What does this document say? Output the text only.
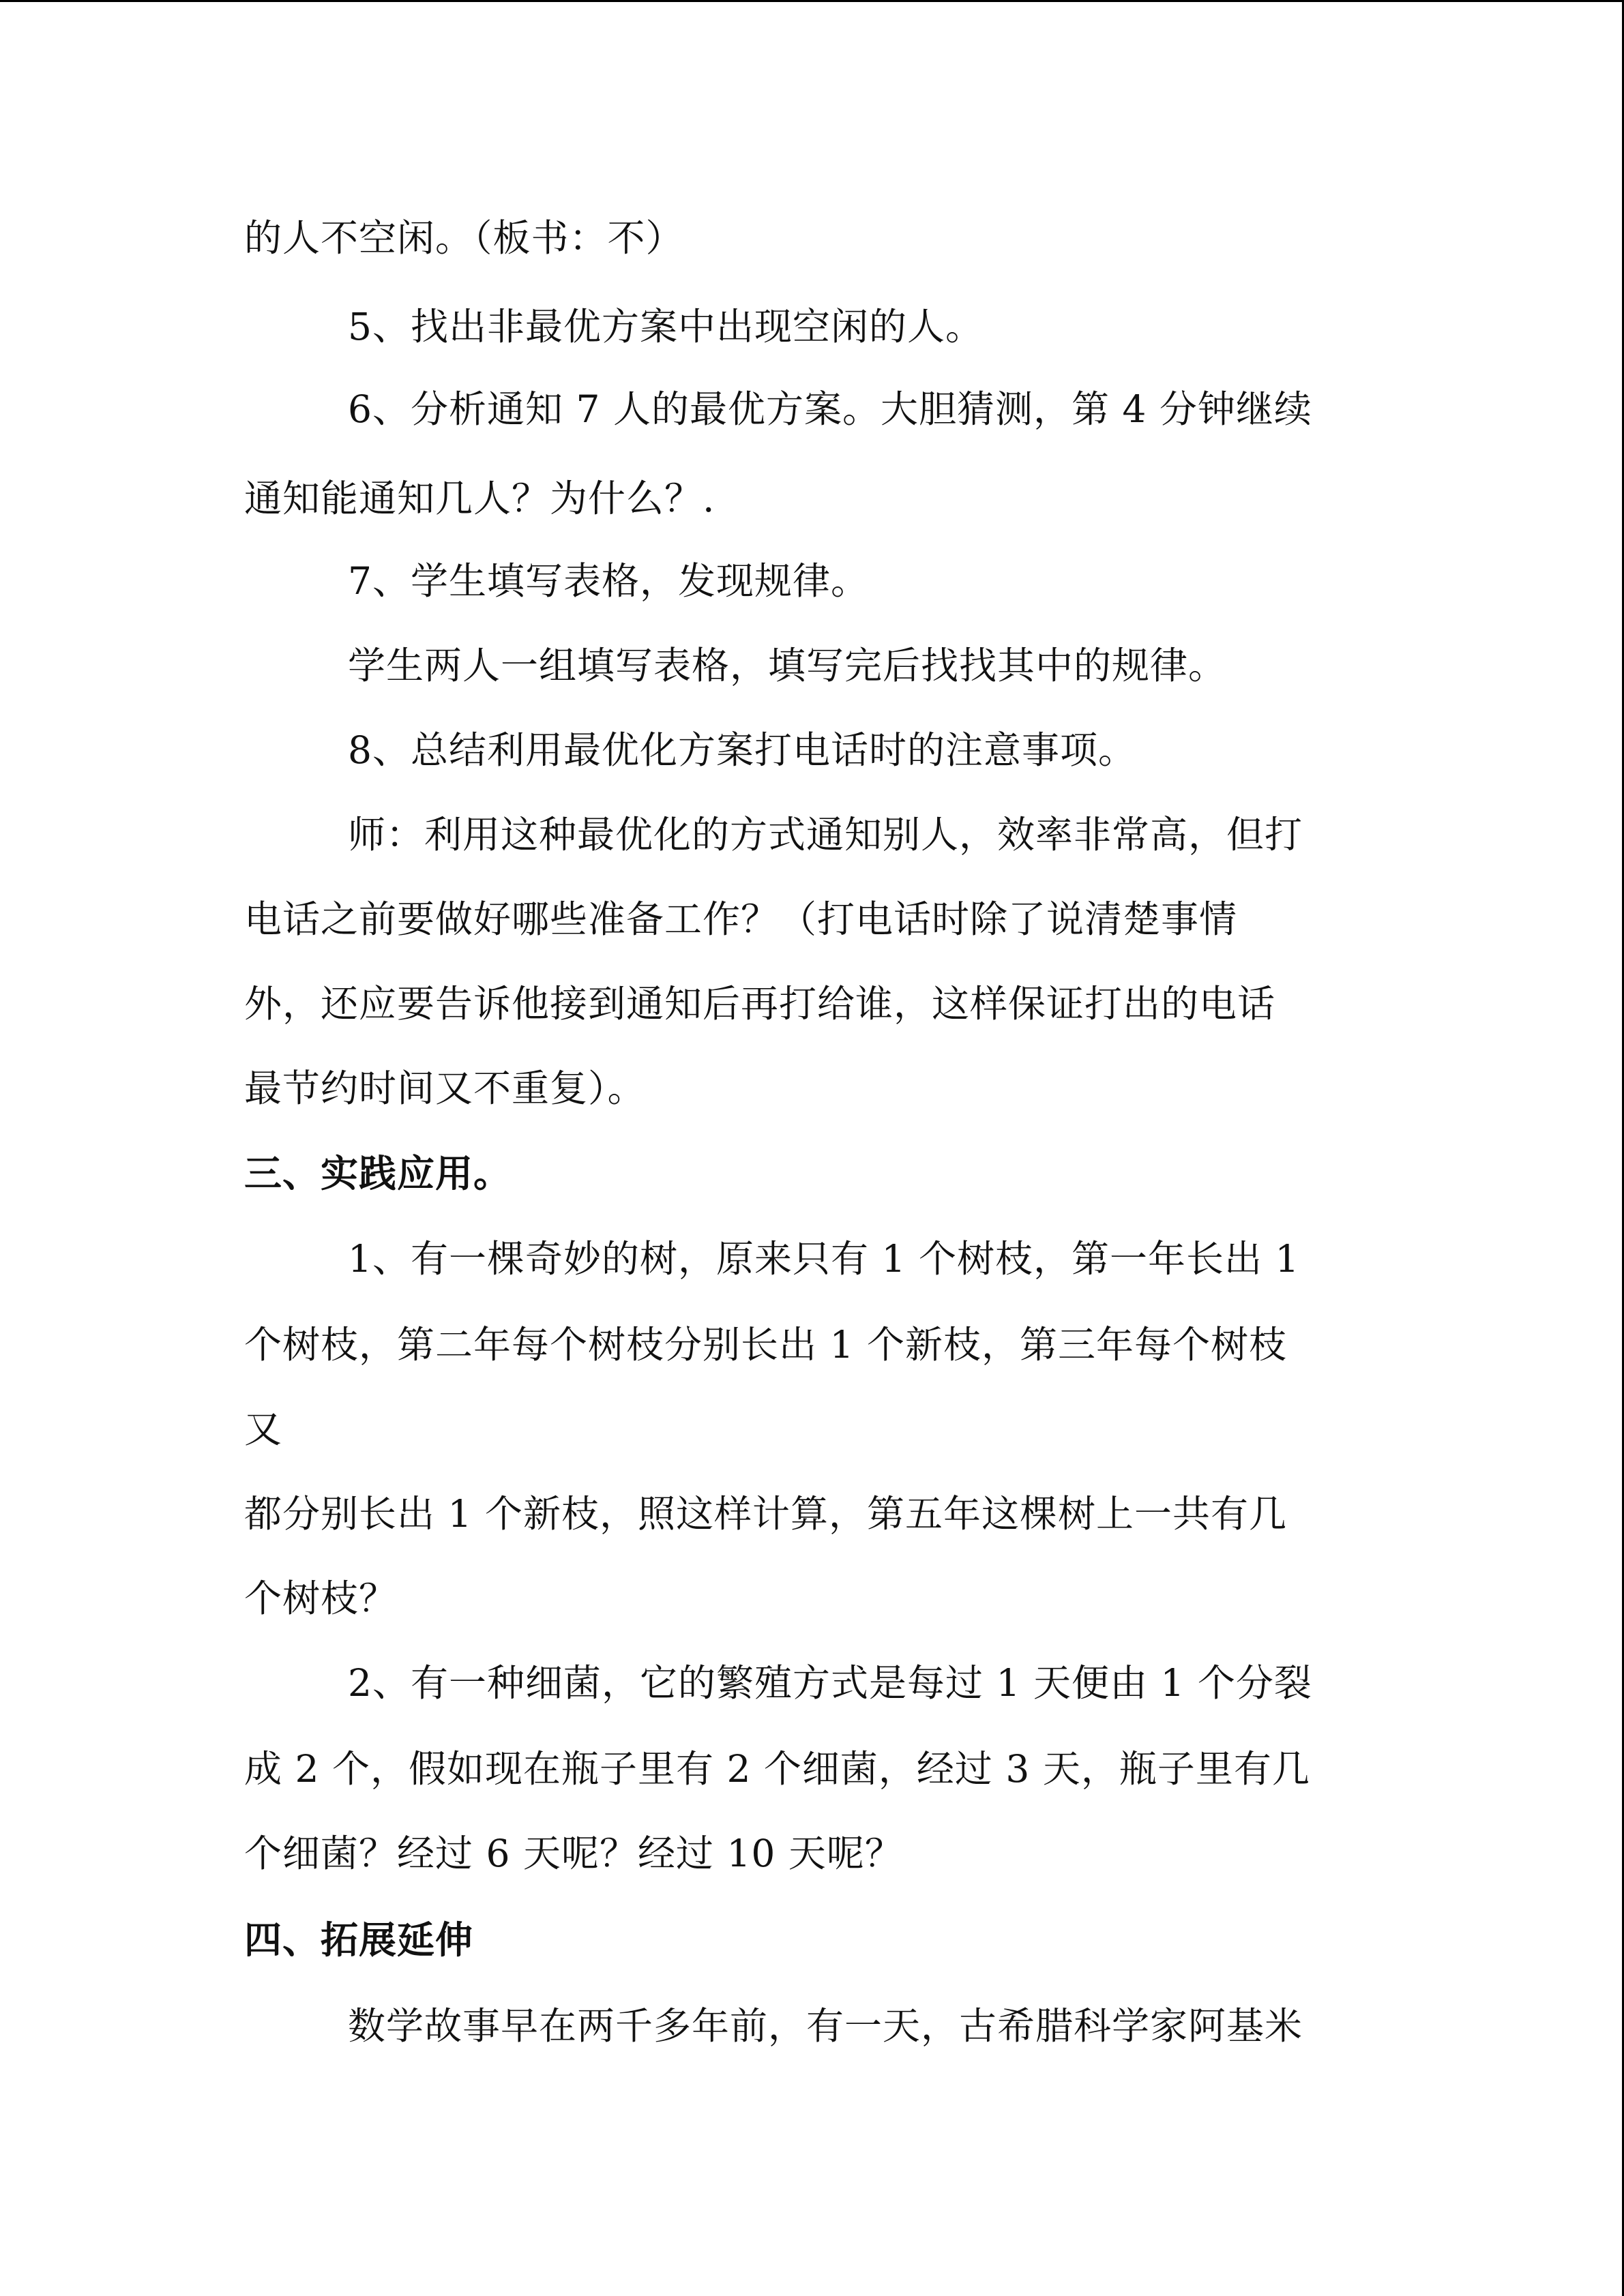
的人不空闲。（板书：不）
5、找出非最优方案中出现空闲的人。
6、分析通知 7 人的最优方案。大胆猜测，第 4 分钟继续
通知能通知几人？为什么？.
7、学生填写表格，发现规律。
学生两人一组填写表格，填写完后找找其中的规律。
8、总结利用最优化方案打电话时的注意事项。
师：利用这种最优化的方式通知别人，效率非常高，但打
电话之前要做好哪些准备工作？（打电话时除了说清楚事情
外，还应要告诉他接到通知后再打给谁，这样保证打出的电话
最节约时间又不重复）。
三、实践应用。
1、有一棵奇妙的树，原来只有 1 个树枝，第一年长出 1
个树枝，第二年每个树枝分别长出 1 个新枝，第三年每个树枝
又
都分别长出 1 个新枝，照这样计算，第五年这棵树上一共有几
个树枝？
2、有一种细菌，它的繁殖方式是每过 1 天便由 1 个分裂
成 2 个，假如现在瓶子里有 2 个细菌，经过 3 天，瓶子里有几
个细菌？经过 6 天呢？经过 10 天呢？
四、拓展延伸
数学故事早在两千多年前，有一天，古希腊科学家阿基米
